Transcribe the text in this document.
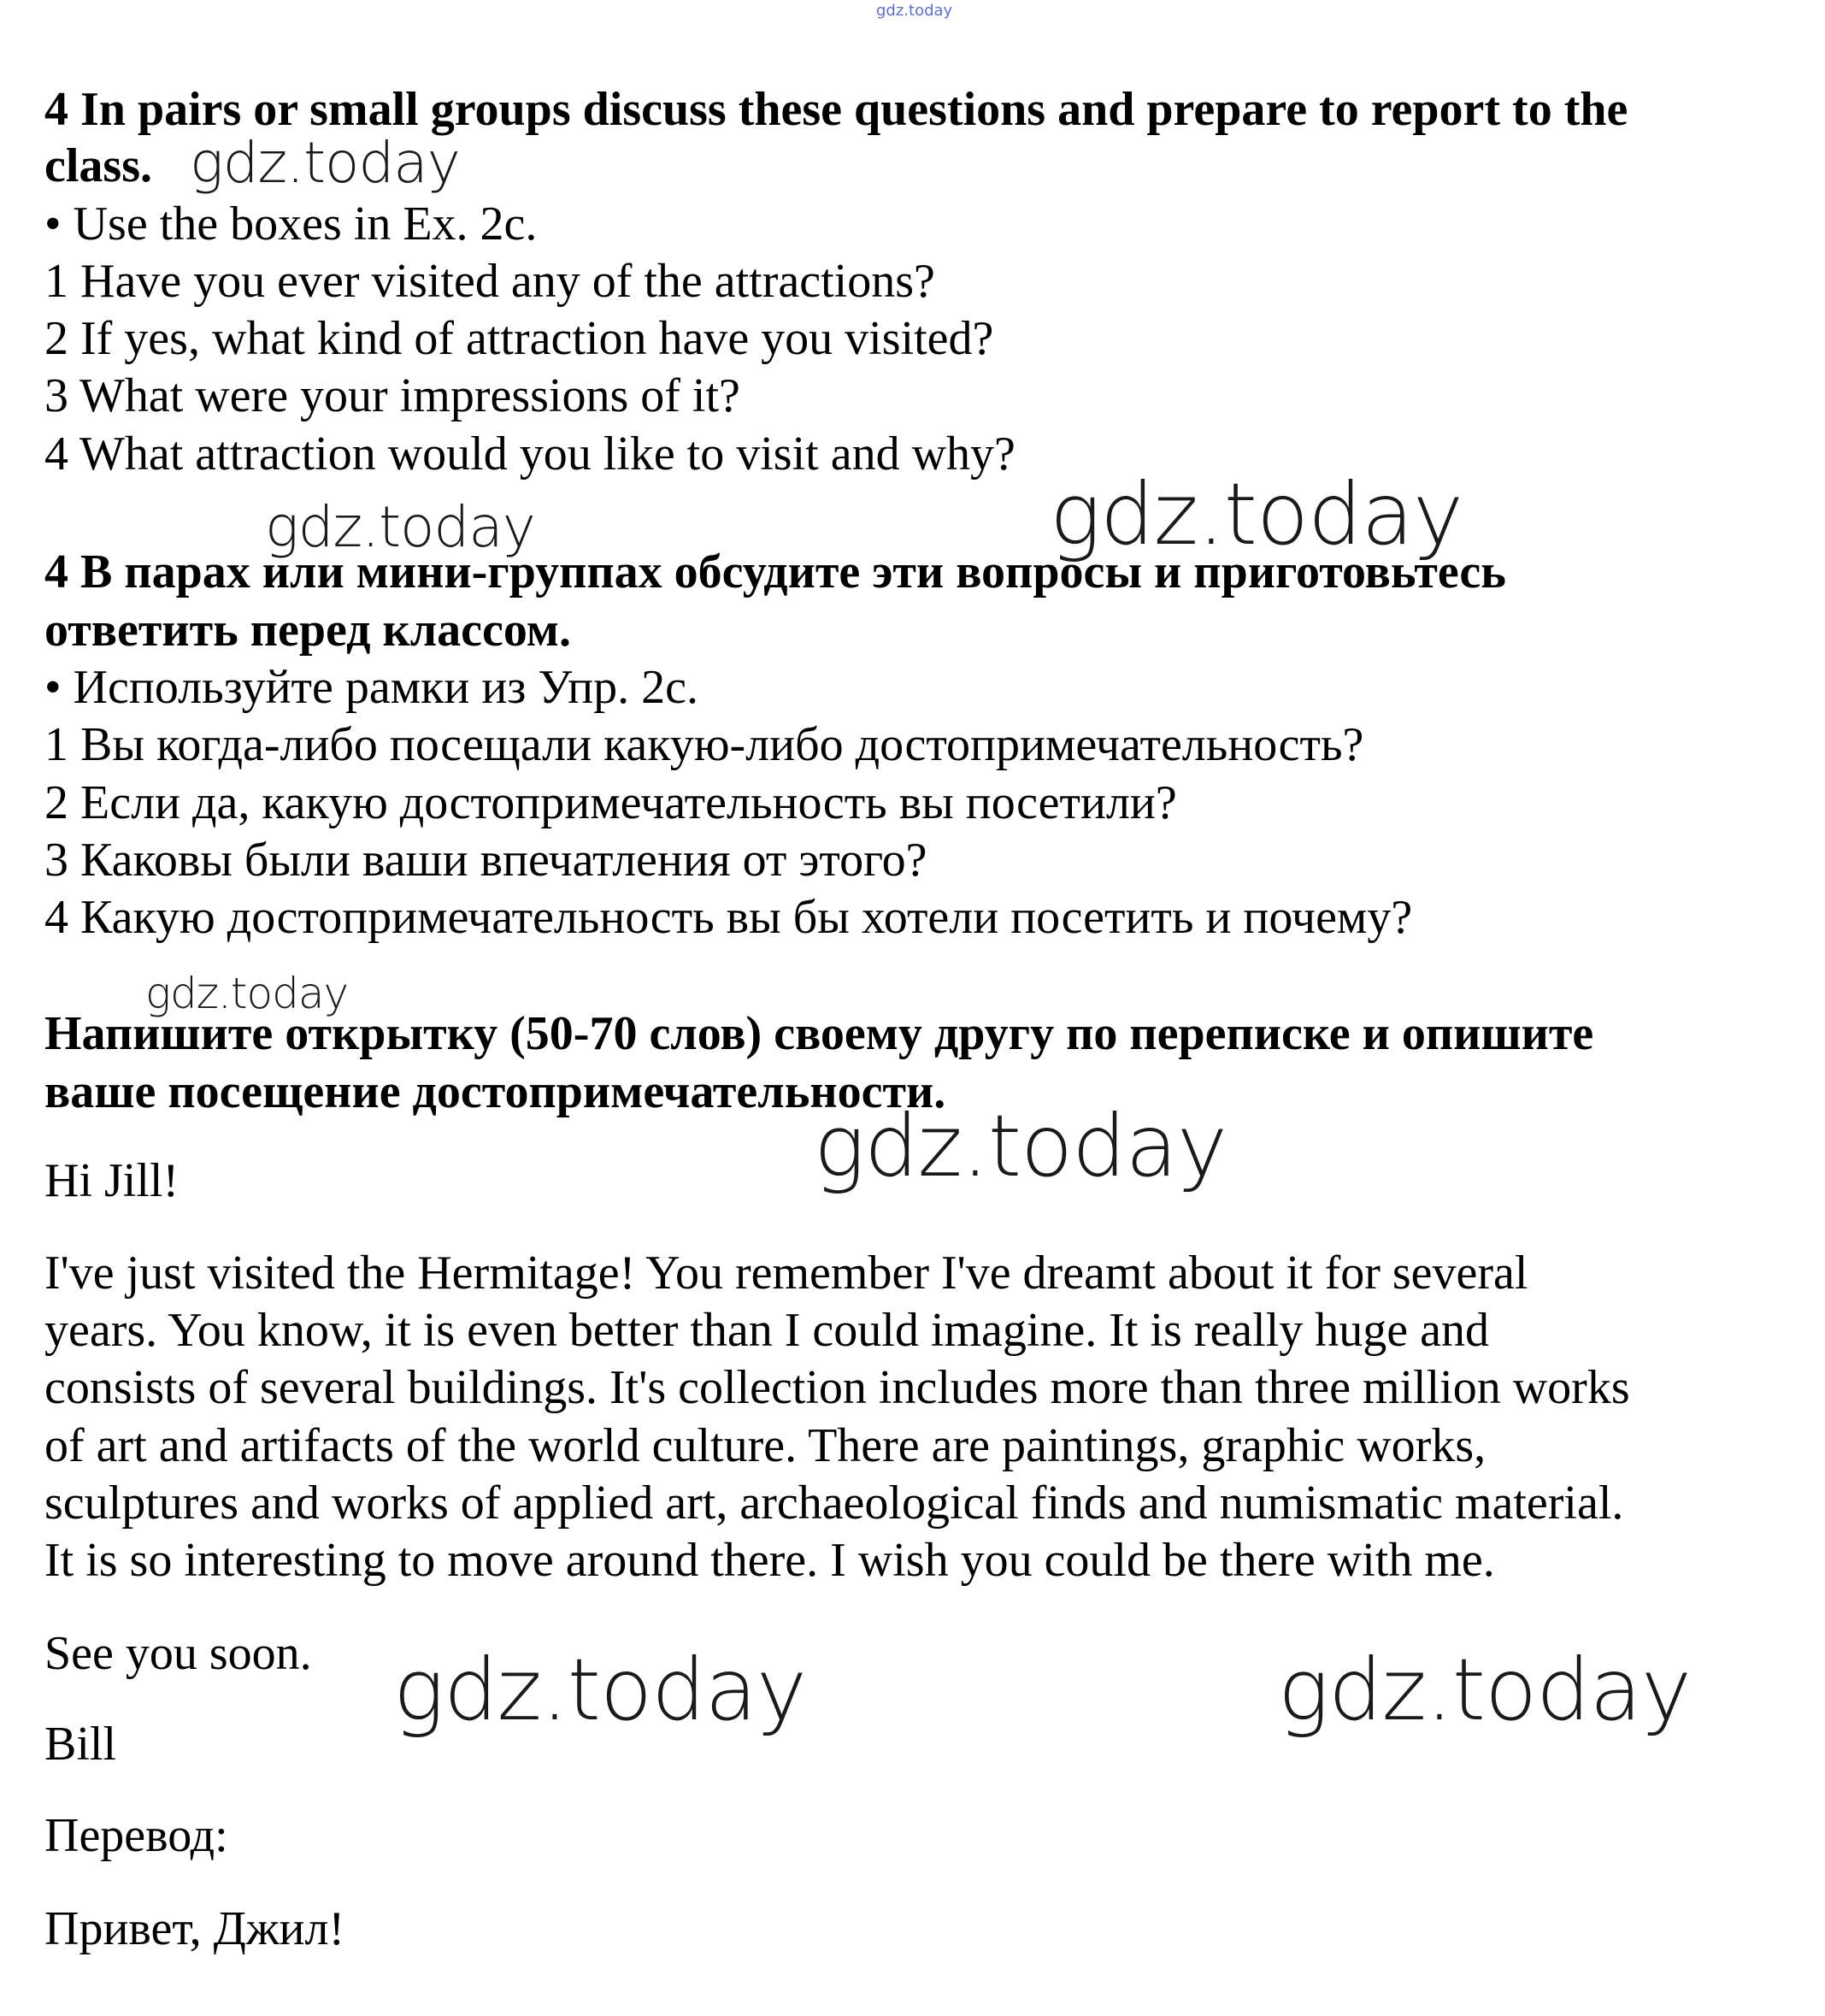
gdz.today
4 In pairs or small groups discuss these questions and prepare to report to the
class.
• Use the boxes in Ex. 2c.
1 Have you ever visited any of the attractions?
2 If yes, what kind of attraction have you visited?
3 What were your impressions of it?
4 What attraction would you like to visit and why?
4 В парах или мини-группах обсудите эти вопросы и приготовьтесь
ответить перед классом.
• Используйте рамки из Упр. 2с.
1 Вы когда-либо посещали какую-либо достопримечательность?
2 Если да, какую достопримечательность вы посетили?
3 Каковы были ваши впечатления от этого?
4 Какую достопримечательность вы бы хотели посетить и почему?
Напишите открытку (50-70 слов) своему другу по переписке и опишите
ваше посещение достопримечательности.
Hi Jill!
I've just visited the Hermitage! You remember I've dreamt about it for several
years. You know, it is even better than I could imagine. It is really huge and
consists of several buildings. It's collection includes more than three million works
of art and artifacts of the world culture. There are paintings, graphic works,
sculptures and works of applied art, archaeological finds and numismatic material.
It is so interesting to move around there. I wish you could be there with me.
See you soon.
Bill
Перевод:
Привет, Джил!
gdz.today
gdz.today	gdz.today
gdz.today
gdz.today
gdz.today	gdz.today
